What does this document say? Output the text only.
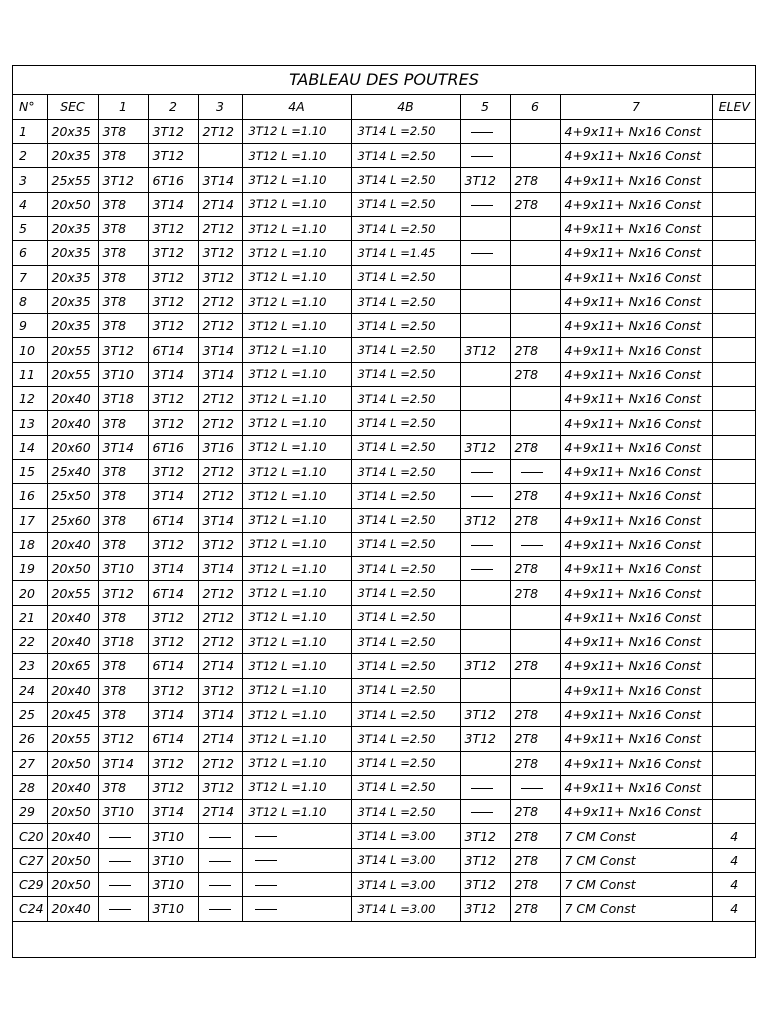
TABLEAU DES POUTRES
N°	SEC	1	2	3	4A	4B	5	6	7	ELEV
1	20x35	3T8	3T12	2T12	3T12 L =1.10	3T14 L =2.50			4+9x11+ Nx16 Const	
2	20x35	3T8	3T12		3T12 L =1.10	3T14 L =2.50			4+9x11+ Nx16 Const	
3	25x55	3T12	6T16	3T14	3T12 L =1.10	3T14 L =2.50	3T12	2T8	4+9x11+ Nx16 Const	
4	20x50	3T8	3T14	2T14	3T12 L =1.10	3T14 L =2.50		2T8	4+9x11+ Nx16 Const	
5	20x35	3T8	3T12	2T12	3T12 L =1.10	3T14 L =2.50			4+9x11+ Nx16 Const	
6	20x35	3T8	3T12	3T12	3T12 L =1.10	3T14 L =1.45			4+9x11+ Nx16 Const	
7	20x35	3T8	3T12	3T12	3T12 L =1.10	3T14 L =2.50			4+9x11+ Nx16 Const	
8	20x35	3T8	3T12	2T12	3T12 L =1.10	3T14 L =2.50			4+9x11+ Nx16 Const	
9	20x35	3T8	3T12	2T12	3T12 L =1.10	3T14 L =2.50			4+9x11+ Nx16 Const	
10	20x55	3T12	6T14	3T14	3T12 L =1.10	3T14 L =2.50	3T12	2T8	4+9x11+ Nx16 Const	
11	20x55	3T10	3T14	3T14	3T12 L =1.10	3T14 L =2.50		2T8	4+9x11+ Nx16 Const	
12	20x40	3T18	3T12	2T12	3T12 L =1.10	3T14 L =2.50			4+9x11+ Nx16 Const	
13	20x40	3T8	3T12	2T12	3T12 L =1.10	3T14 L =2.50			4+9x11+ Nx16 Const	
14	20x60	3T14	6T16	3T16	3T12 L =1.10	3T14 L =2.50	3T12	2T8	4+9x11+ Nx16 Const	
15	25x40	3T8	3T12	2T12	3T12 L =1.10	3T14 L =2.50			4+9x11+ Nx16 Const	
16	25x50	3T8	3T14	2T12	3T12 L =1.10	3T14 L =2.50		2T8	4+9x11+ Nx16 Const	
17	25x60	3T8	6T14	3T14	3T12 L =1.10	3T14 L =2.50	3T12	2T8	4+9x11+ Nx16 Const	
18	20x40	3T8	3T12	3T12	3T12 L =1.10	3T14 L =2.50			4+9x11+ Nx16 Const	
19	20x50	3T10	3T14	3T14	3T12 L =1.10	3T14 L =2.50		2T8	4+9x11+ Nx16 Const	
20	20x55	3T12	6T14	2T12	3T12 L =1.10	3T14 L =2.50		2T8	4+9x11+ Nx16 Const	
21	20x40	3T8	3T12	2T12	3T12 L =1.10	3T14 L =2.50			4+9x11+ Nx16 Const	
22	20x40	3T18	3T12	2T12	3T12 L =1.10	3T14 L =2.50			4+9x11+ Nx16 Const	
23	20x65	3T8	6T14	2T14	3T12 L =1.10	3T14 L =2.50	3T12	2T8	4+9x11+ Nx16 Const	
24	20x40	3T8	3T12	3T12	3T12 L =1.10	3T14 L =2.50			4+9x11+ Nx16 Const	
25	20x45	3T8	3T14	3T14	3T12 L =1.10	3T14 L =2.50	3T12	2T8	4+9x11+ Nx16 Const	
26	20x55	3T12	6T14	2T14	3T12 L =1.10	3T14 L =2.50	3T12	2T8	4+9x11+ Nx16 Const	
27	20x50	3T14	3T12	2T12	3T12 L =1.10	3T14 L =2.50		2T8	4+9x11+ Nx16 Const	
28	20x40	3T8	3T12	3T12	3T12 L =1.10	3T14 L =2.50			4+9x11+ Nx16 Const	
29	20x50	3T10	3T14	2T14	3T12 L =1.10	3T14 L =2.50		2T8	4+9x11+ Nx16 Const	
C20	20x40		3T10			3T14 L =3.00	3T12	2T8	7 CM Const	4
C27	20x50		3T10			3T14 L =3.00	3T12	2T8	7 CM Const	4
C29	20x50		3T10			3T14 L =3.00	3T12	2T8	7 CM Const	4
C24	20x40		3T10			3T14 L =3.00	3T12	2T8	7 CM Const	4
